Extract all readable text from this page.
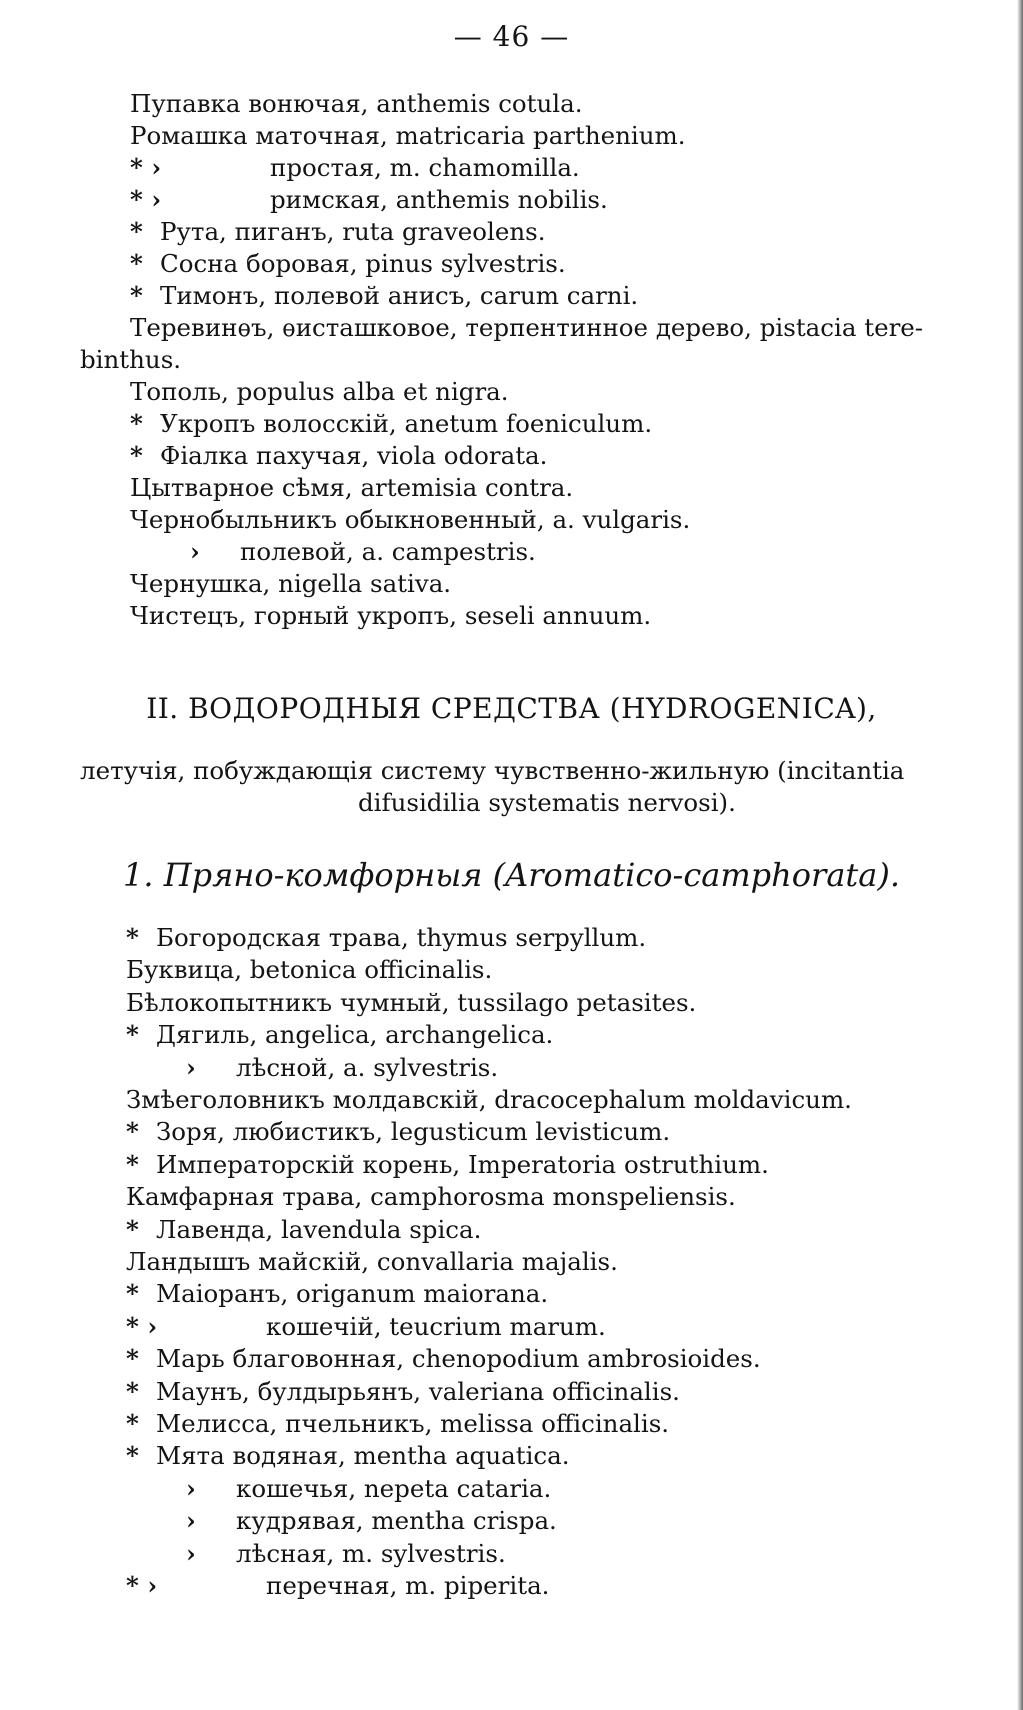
— 46 —
Пупавка вонючая, anthemis cotula.
Ромашка маточная, matricaria parthenium.
* ›	простая, m. chamomilla.
* ›	римская, anthemis nobilis.
* Рута, пиганъ, ruta graveolens.
* Сосна боровая, pinus sylvestris.
* Тимонъ, полевой анисъ, carum carni.
Теревинѳъ, ѳисташковое, терпентинное дерево, pistacia tere-
binthus.
Тополь, populus alba et nigra.
* Укропъ волосскій, anetum foeniculum.
* Фіалка пахучая, viola odorata.
Цытварное сѣмя, artemisia contra.
Чернобыльникъ обыкновенный, a. vulgaris.
› полевой, a. campestris.
Чернушка, nigella sativa.
Чистецъ, горный укропъ, seseli annuum.
II. ВОДОРОДНЫЯ СРЕДСТВА (HYDROGENICA),
летучія, побуждающія систему чувственно-жильную (incitantia
difusidilia systematis nervosi).
1. Пряно-комфорныя (Aromatico-camphorata).
* Богородская трава, thymus serpyllum.
Буквица, betonica officinalis.
Бѣлокопытникъ чумный, tussilago petasites.
* Дягиль, angelica, archangelica.
› лѣсной, a. sylvestris.
Змѣеголовникъ молдавскій, dracocephalum moldavicum.
* Зоря, любистикъ, legusticum levisticum.
* Императорскій корень, Imperatoria ostruthium.
Камфарная трава, camphorosma monspeliensis.
* Лавенда, lavendula spica.
Ландышъ майскій, convallaria majalis.
* Маіоранъ, origanum maiorana.
* ›	кошечій, teucrium marum.
* Марь благовонная, chenopodium ambrosioides.
* Маунъ, булдырьянъ, valeriana officinalis.
* Мелисса, пчельникъ, melissa officinalis.
* Мята водяная, mentha aquatica.
› кошечья, nepeta cataria.
› кудрявая, mentha crispa.
› лѣсная, m. sylvestris.
* ›	перечная, m. piperita.
